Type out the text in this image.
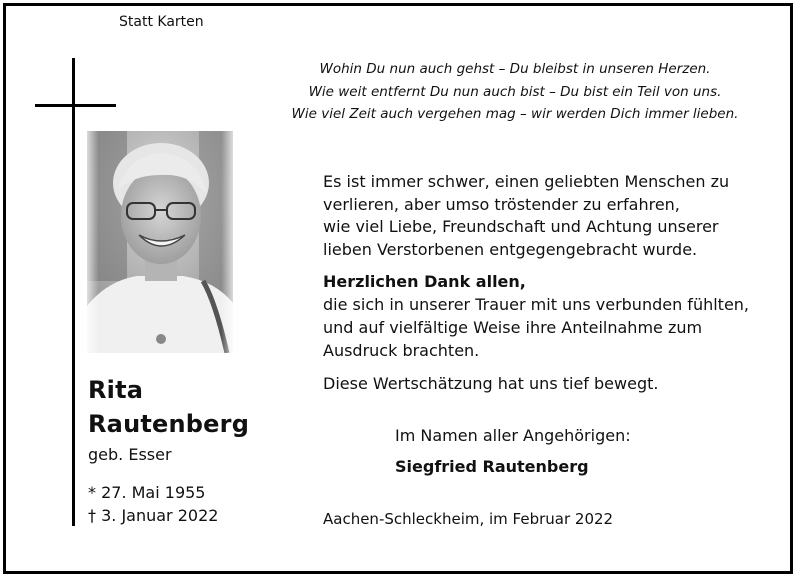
Statt Karten
Rita
Rautenberg
geb. Esser
* 27. Mai 1955
† 3. Januar 2022
Wohin Du nun auch gehst – Du bleibst in unseren Herzen.
Wie weit entfernt Du nun auch bist – Du bist ein Teil von uns.
Wie viel Zeit auch vergehen mag – wir werden Dich immer lieben.
Es ist immer schwer, einen geliebten Menschen zu
verlieren, aber umso tröstender zu erfahren,
wie viel Liebe, Freundschaft und Achtung unserer
lieben Verstorbenen entgegengebracht wurde.
Herzlichen Dank allen,
die sich in unserer Trauer mit uns verbunden fühlten,
und auf vielfältige Weise ihre Anteilnahme zum
Ausdruck brachten.
Diese Wertschätzung hat uns tief bewegt.
Im Namen aller Angehörigen:
Siegfried Rautenberg
Aachen-Schleckheim, im Februar 2022
